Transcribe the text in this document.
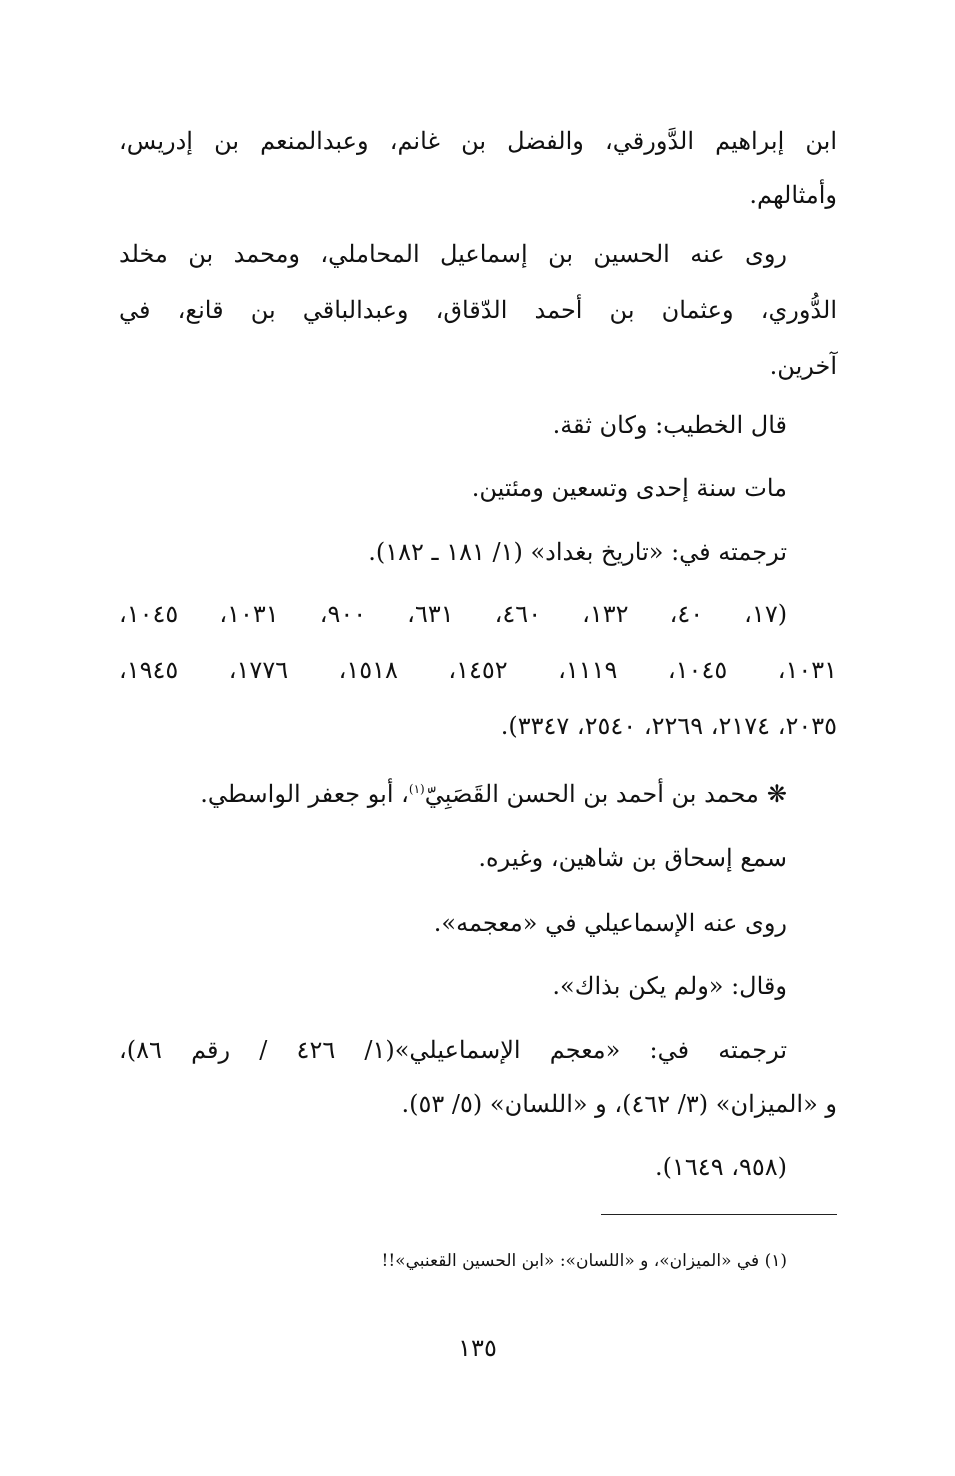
ابن إبراهيم الدَّورقي، والفضل بن غانم، وعبدالمنعم بن إدريس،
وأمثالهم.
روى عنه الحسين بن إسماعيل المحاملي، ومحمد بن مخلد
الدُّوري، وعثمان بن أحمد الدّقاق، وعبدالباقي بن قانع، في
آخرين.
قال الخطيب: وكان ثقة.
مات سنة إحدى وتسعين ومئتين.
ترجمته في: «تاريخ بغداد» (١/ ١٨١ ـ ١٨٢).
(١٧، ٤٠، ١٣٢، ٤٦٠، ٦٣١، ٩٠٠، ١٠٣١، ١٠٤٥،
١٠٣١، ١٠٤٥، ١١١٩، ١٤٥٢، ١٥١٨، ١٧٧٦، ١٩٤٥،
٢٠٣٥، ٢١٧٤، ٢٢٦٩، ٢٥٤٠، ٣٣٤٧).
❋محمد بن أحمد بن الحسن القَصَبِيّ$^{(١)}$، أبو جعفر الواسطي.
سمع إسحاق بن شاهين، وغيره.
روى عنه الإسماعيلي في «معجمه».
وقال: «ولم يكن بذاك».
ترجمته في: «معجم الإسماعيلي»(١/ ٤٢٦ / رقم ٨٦)،
و «الميزان» (٣/ ٤٦٢)، و «اللسان» (٥/ ٥٣).
(٩٥٨، ١٦٤٩).
(١) في «الميزان»، و «اللسان»: «ابن الحسين القعنبي»!!
١٣٥
